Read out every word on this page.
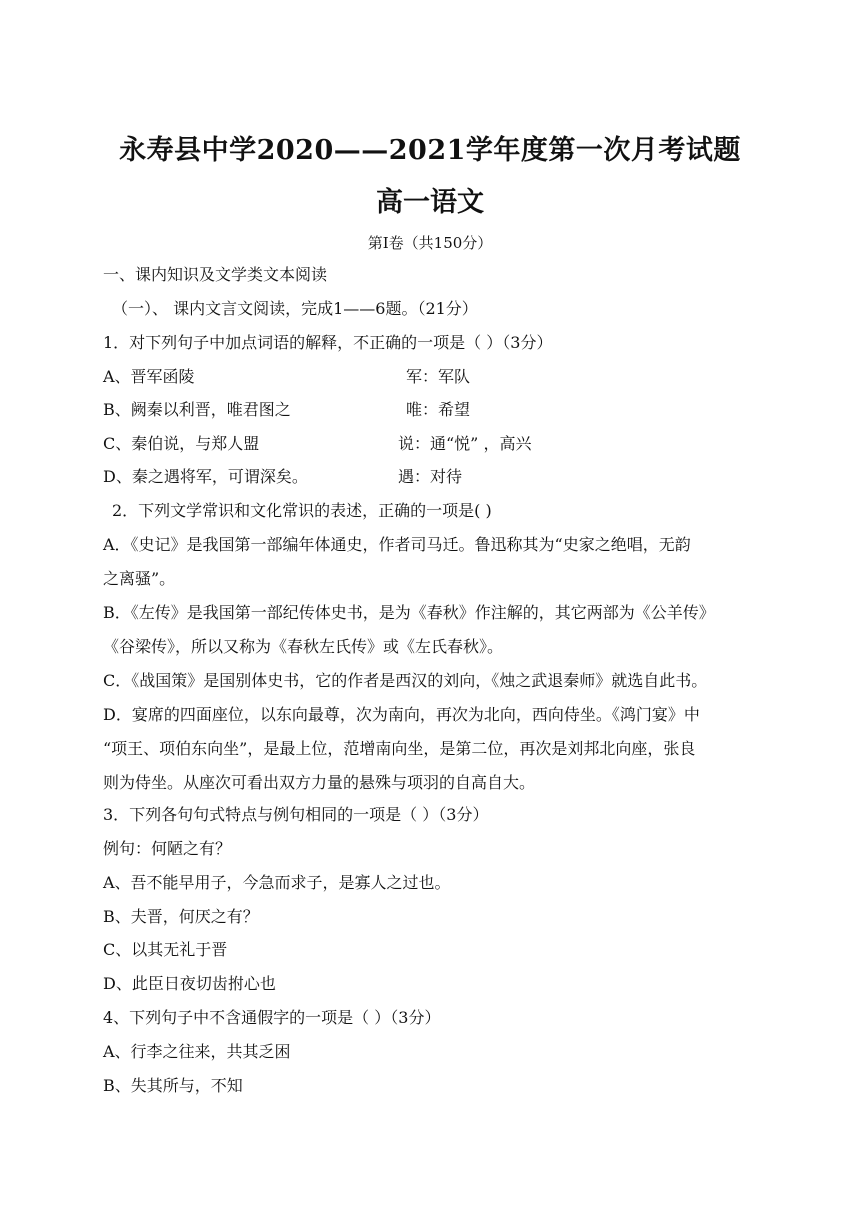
永寿县中学2020——2021学年度第一次月考试题
高一语文
第Ⅰ卷（共150分）
一、课内知识及文学类文本阅读
（一）、 课内文言文阅读，完成1——6题。（21分）
1．对下列句子中加点词语的解释，不正确的一项是（ ）（3分）
A、晋军函陵	军：军队
B、阙秦以利晋，唯君图之	唯：希望
C、秦伯说，与郑人盟	说：通“悦” ，高兴
D、秦之遇将军，可谓深矣。	遇：对待
2．下列文学常识和文化常识的表述，正确的一项是( )
A．《史记》是我国第一部编年体通史，作者司马迁。鲁迅称其为“史家之绝唱，无韵
之离骚”。
B．《左传》是我国第一部纪传体史书，是为《春秋》作注解的，其它两部为《公羊传》
《谷梁传》，所以又称为《春秋左氏传》或《左氏春秋》。
C．《战国策》是国别体史书，它的作者是西汉的刘向，《烛之武退秦师》就选自此书。
D．宴席的四面座位，以东向最尊，次为南向，再次为北向，西向侍坐。《鸿门宴》中
“项王、项伯东向坐”，是最上位，范增南向坐，是第二位，再次是刘邦北向座，张良
则为侍坐。从座次可看出双方力量的悬殊与项羽的自高自大。
3．下列各句句式特点与例句相同的一项是（ ）（3分）
例句：何陋之有？
A、吾不能早用子，今急而求子，是寡人之过也。
B、夫晋，何厌之有？
C、以其无礼于晋
D、此臣日夜切齿拊心也
4、下列句子中不含通假字的一项是（ ）（3分）
A、行李之往来，共其乏困
B、失其所与，不知
